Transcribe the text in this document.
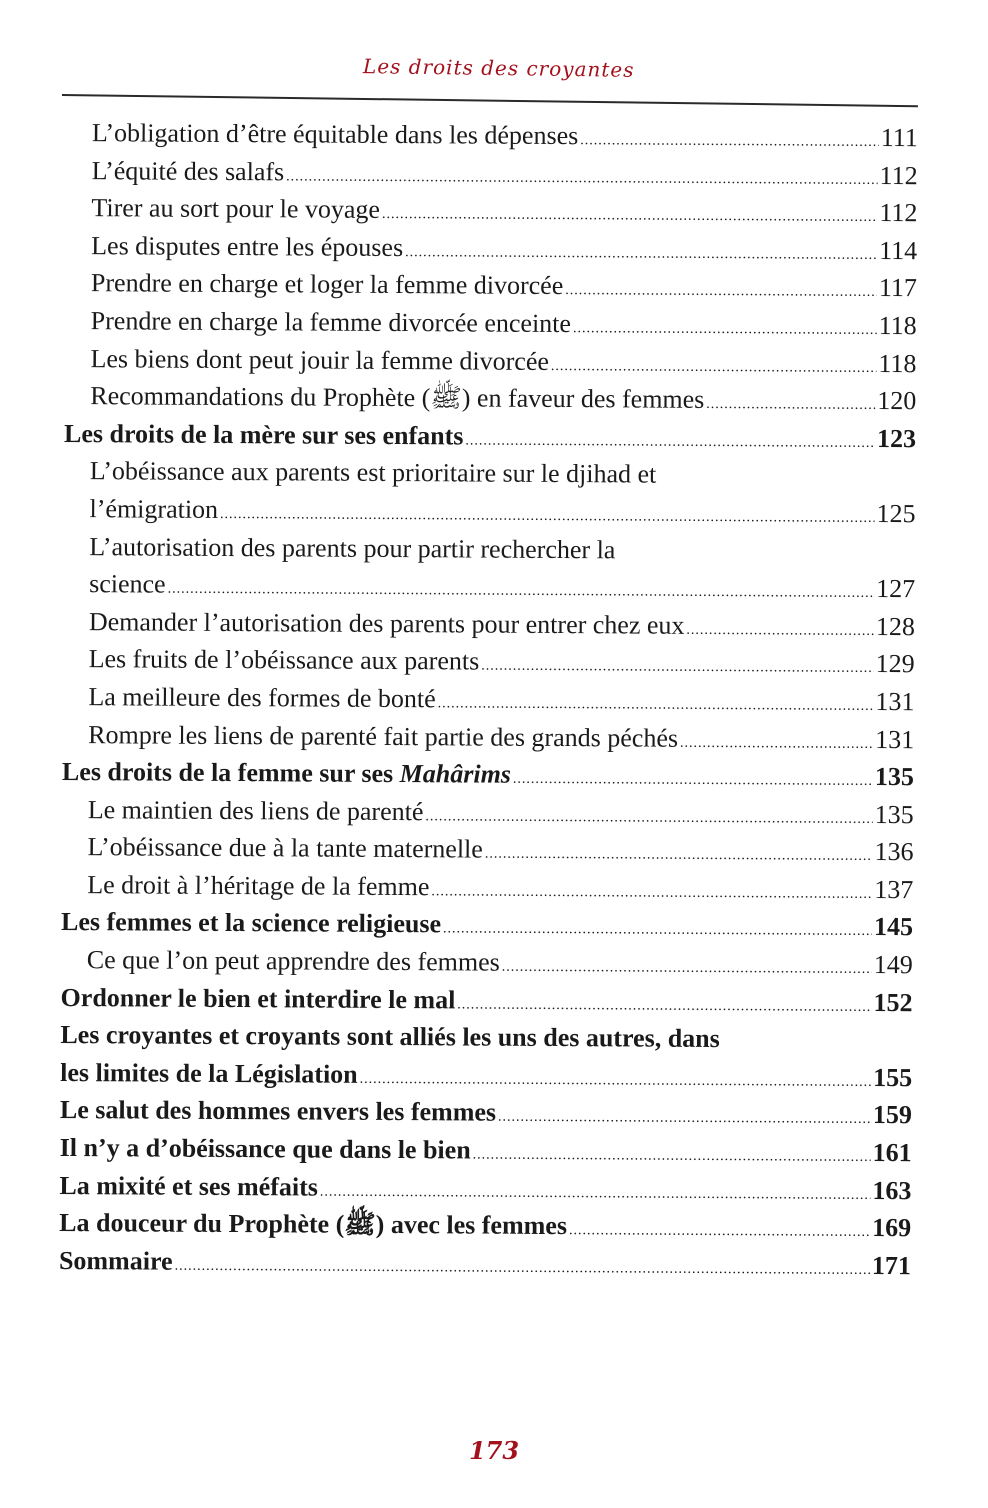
Les droits des croyantes
L’obligation d’être équitable dans les dépenses .....	111
L’équité des salafs .....	112
Tirer au sort pour le voyage .....	112
Les disputes entre les épouses .....	114
Prendre en charge et loger la femme divorcée .....	117
Prendre en charge la femme divorcée enceinte .....	118
Les biens dont peut jouir la femme divorcée .....	118
Recommandations du Prophète (ﷺ) en faveur des femmes .....	120
Les droits de la mère sur ses enfants .....	123
L’obéissance aux parents est prioritaire sur le djihad et
l’émigration .....	125
L’autorisation des parents pour partir rechercher la
science .....	127
Demander l’autorisation des parents pour entrer chez eux .....	128
Les fruits de l’obéissance aux parents .....	129
La meilleure des formes de bonté .....	131
Rompre les liens de parenté fait partie des grands péchés .....	131
Les droits de la femme sur ses Mahârims .....	135
Le maintien des liens de parenté .....	135
L’obéissance due à la tante maternelle .....	136
Le droit à l’héritage de la femme .....	137
Les femmes et la science religieuse .....	145
Ce que l’on peut apprendre des femmes .....	149
Ordonner le bien et interdire le mal .....	152
Les croyantes et croyants sont alliés les uns des autres, dans
les limites de la Législation .....	155
Le salut des hommes envers les femmes .....	159
Il n’y a d’obéissance que dans le bien .....	161
La mixité et ses méfaits .....	163
La douceur du Prophète (ﷺ) avec les femmes .....	169
Sommaire .....	171
173
